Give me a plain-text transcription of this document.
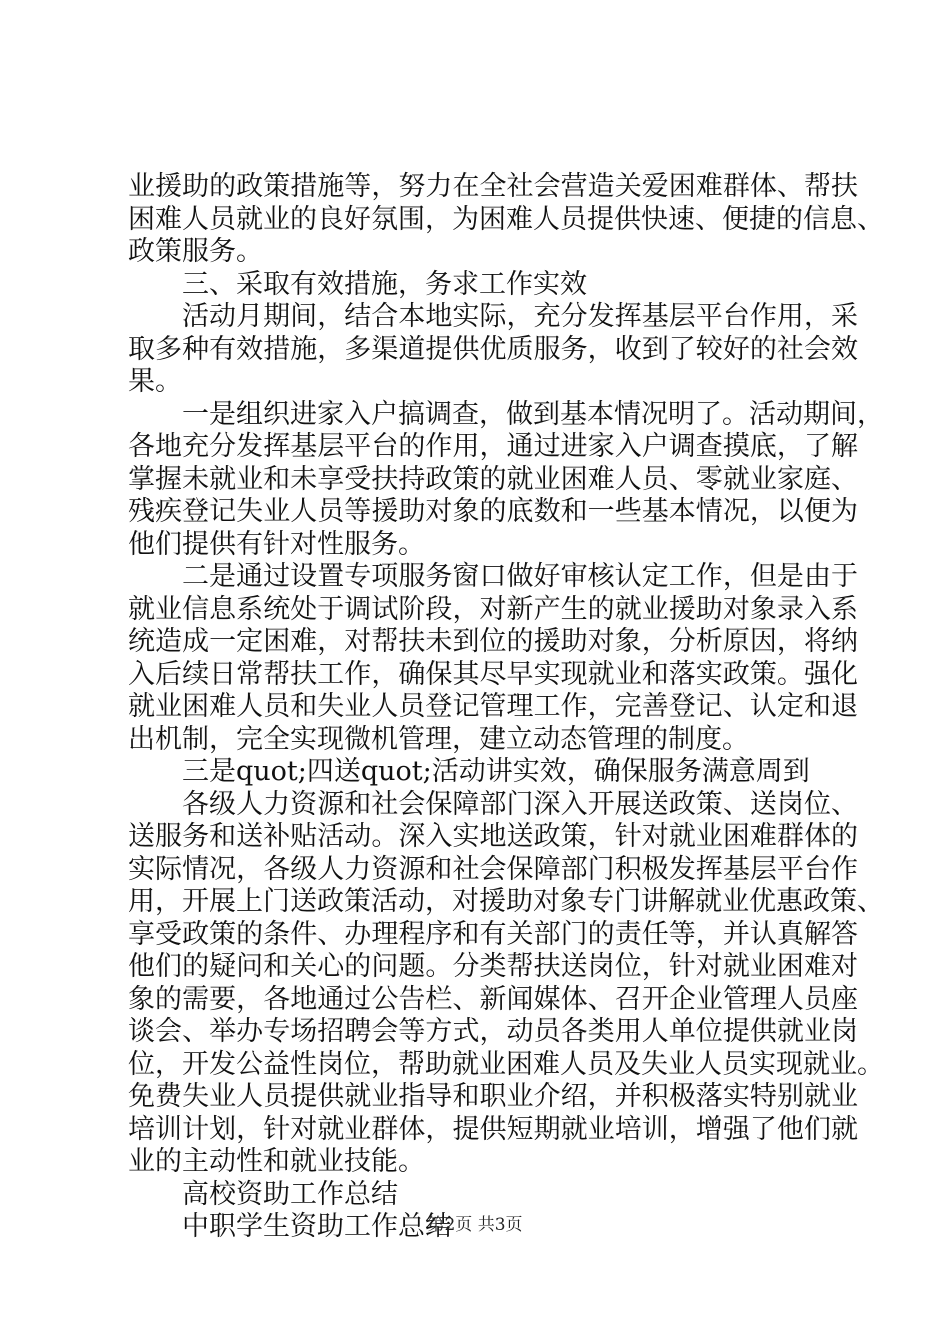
业援助的政策措施等，努力在全社会营造关爱困难群体、帮扶
困难人员就业的良好氛围，为困难人员提供快速、便捷的信息、
政策服务。
三、采取有效措施，务求工作实效
活动月期间，结合本地实际，充分发挥基层平台作用，采
取多种有效措施，多渠道提供优质服务，收到了较好的社会效
果。
一是组织进家入户搞调查，做到基本情况明了。活动期间，
各地充分发挥基层平台的作用，通过进家入户调查摸底，了解
掌握未就业和未享受扶持政策的就业困难人员、零就业家庭、
残疾登记失业人员等援助对象的底数和一些基本情况，以便为
他们提供有针对性服务。
二是通过设置专项服务窗口做好审核认定工作，但是由于
就业信息系统处于调试阶段，对新产生的就业援助对象录入系
统造成一定困难，对帮扶未到位的援助对象，分析原因，将纳
入后续日常帮扶工作，确保其尽早实现就业和落实政策。强化
就业困难人员和失业人员登记管理工作，完善登记、认定和退
出机制，完全实现微机管理，建立动态管理的制度。
三是quot;四送quot;活动讲实效，确保服务满意周到
各级人力资源和社会保障部门深入开展送政策、送岗位、
送服务和送补贴活动。深入实地送政策，针对就业困难群体的
实际情况，各级人力资源和社会保障部门积极发挥基层平台作
用，开展上门送政策活动，对援助对象专门讲解就业优惠政策、
享受政策的条件、办理程序和有关部门的责任等，并认真解答
他们的疑问和关心的问题。分类帮扶送岗位，针对就业困难对
象的需要，各地通过公告栏、新闻媒体、召开企业管理人员座
谈会、举办专场招聘会等方式，动员各类用人单位提供就业岗
位，开发公益性岗位，帮助就业困难人员及失业人员实现就业。
免费失业人员提供就业指导和职业介绍，并积极落实特别就业
培训计划，针对就业群体，提供短期就业培训，增强了他们就
业的主动性和就业技能。
高校资助工作总结
中职学生资助工作总结
第2页 共3页
